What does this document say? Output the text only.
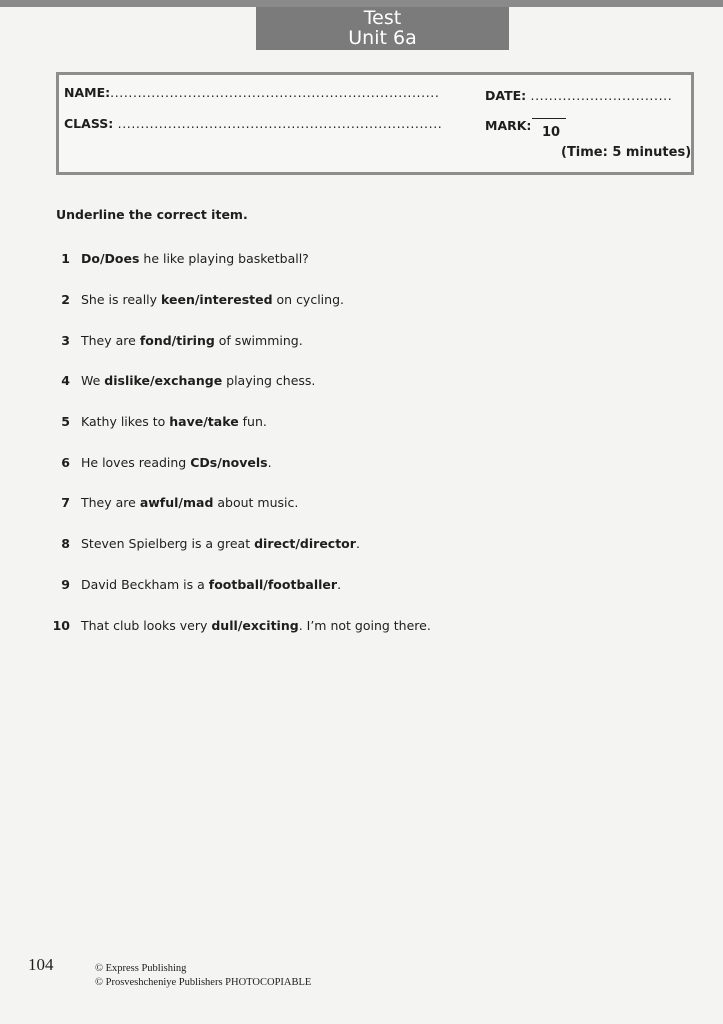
Test
Unit 6a
NAME:........................................................................	DATE: ...............................
CLASS: .......................................................................	MARK: 10
(Time: 5 minutes)
Underline the correct item.
1 Do/Does he like playing basketball?
2 She is really keen/interested on cycling.
3 They are fond/tiring of swimming.
4 We dislike/exchange playing chess.
5 Kathy likes to have/take fun.
6 He loves reading CDs/novels.
7 They are awful/mad about music.
8 Steven Spielberg is a great direct/director.
9 David Beckham is a football/footballer.
10 That club looks very dull/exciting. I’m not going there.
104	© Express Publishing
© Prosveshcheniye Publishers PHOTOCOPIABLE
